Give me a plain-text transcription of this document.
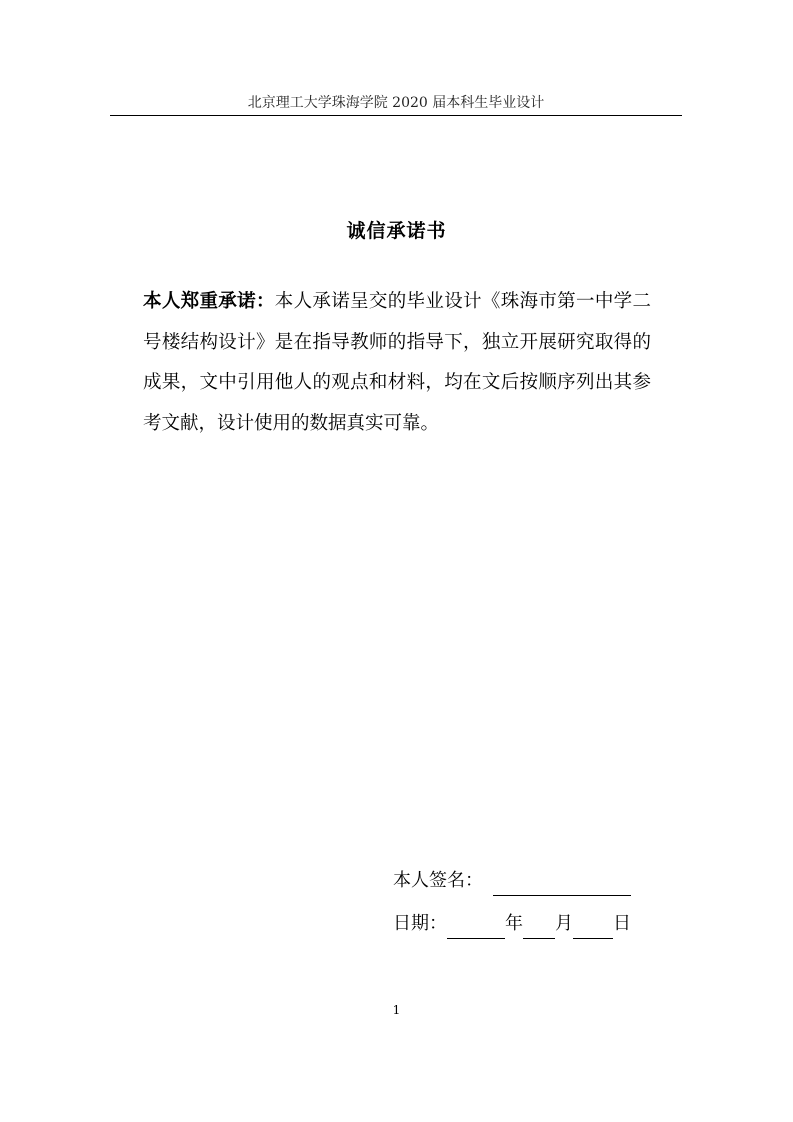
北京理工大学珠海学院 2020 届本科生毕业设计
诚信承诺书
本人郑重承诺：本人承诺呈交的毕业设计《珠海市第一中学二号楼结构设计》是在指导教师的指导下，独立开展研究取得的成果，文中引用他人的观点和材料，均在文后按顺序列出其参考文献，设计使用的数据真实可靠。
本人签名：
日期：	年 月 日
1
